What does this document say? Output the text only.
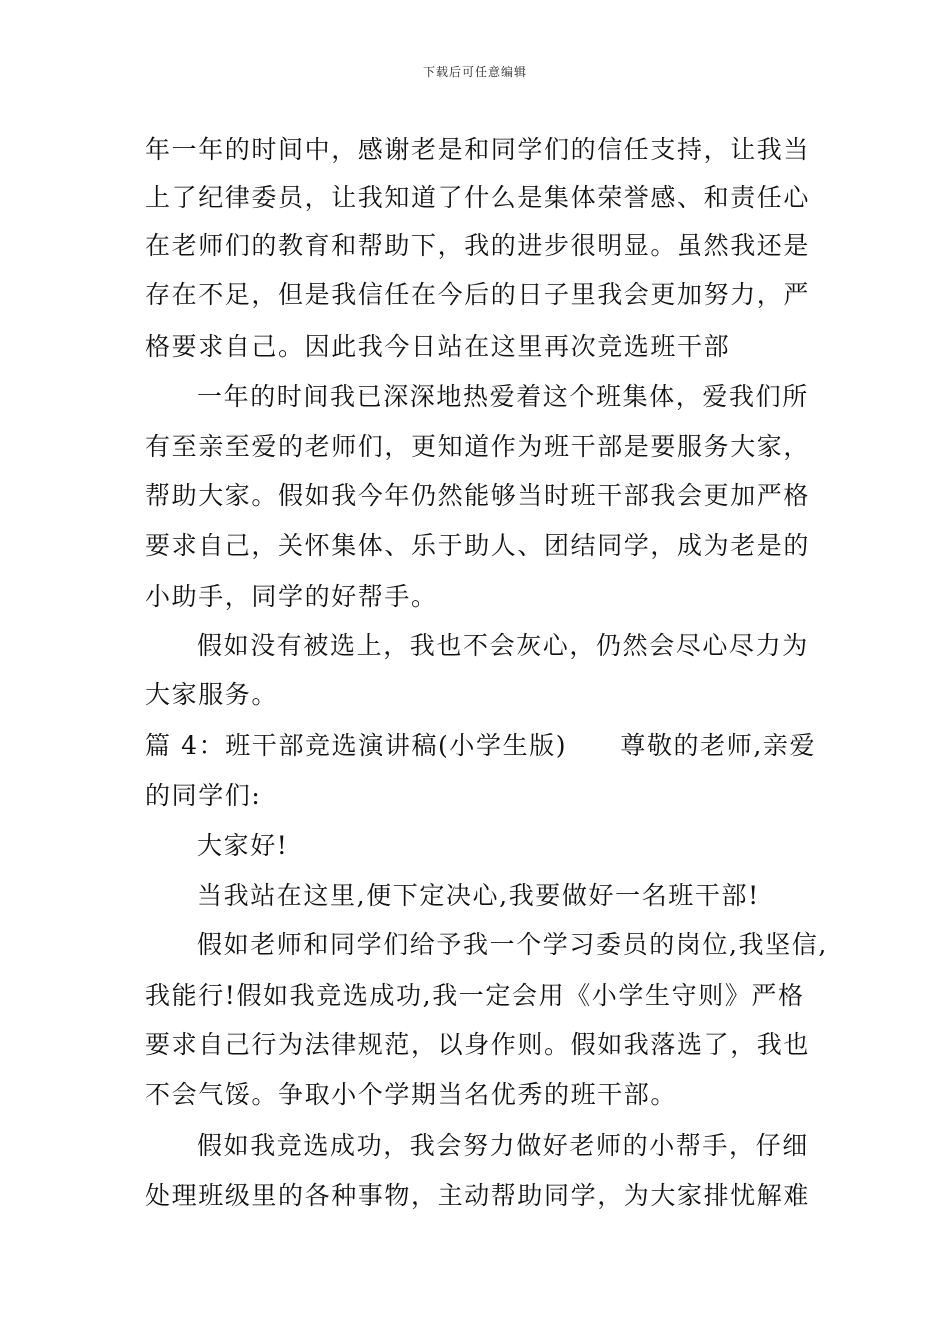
下载后可任意编辑
年一年的时间中，感谢老是和同学们的信任支持，让我当
上了纪律委员，让我知道了什么是集体荣誉感、和责任心
在老师们的教育和帮助下，我的进步很明显。虽然我还是
存在不足，但是我信任在今后的日子里我会更加努力，严
格要求自己。因此我今日站在这里再次竞选班干部
一年的时间我已深深地热爱着这个班集体，爱我们所
有至亲至爱的老师们，更知道作为班干部是要服务大家，
帮助大家。假如我今年仍然能够当时班干部我会更加严格
要求自己，关怀集体、乐于助人、团结同学，成为老是的
小助手，同学的好帮手。
假如没有被选上，我也不会灰心，仍然会尽心尽力为
大家服务。
篇 4：班干部竞选演讲稿(小学生版)　　尊敬的老师,亲爱
的同学们:
大家好!
当我站在这里,便下定决心,我要做好一名班干部!
假如老师和同学们给予我一个学习委员的岗位,我坚信,
我能行!假如我竞选成功,我一定会用《小学生守则》严格
要求自己行为法律规范，以身作则。假如我落选了，我也
不会气馁。争取小个学期当名优秀的班干部。
假如我竞选成功，我会努力做好老师的小帮手，仔细
处理班级里的各种事物，主动帮助同学，为大家排忧解难
